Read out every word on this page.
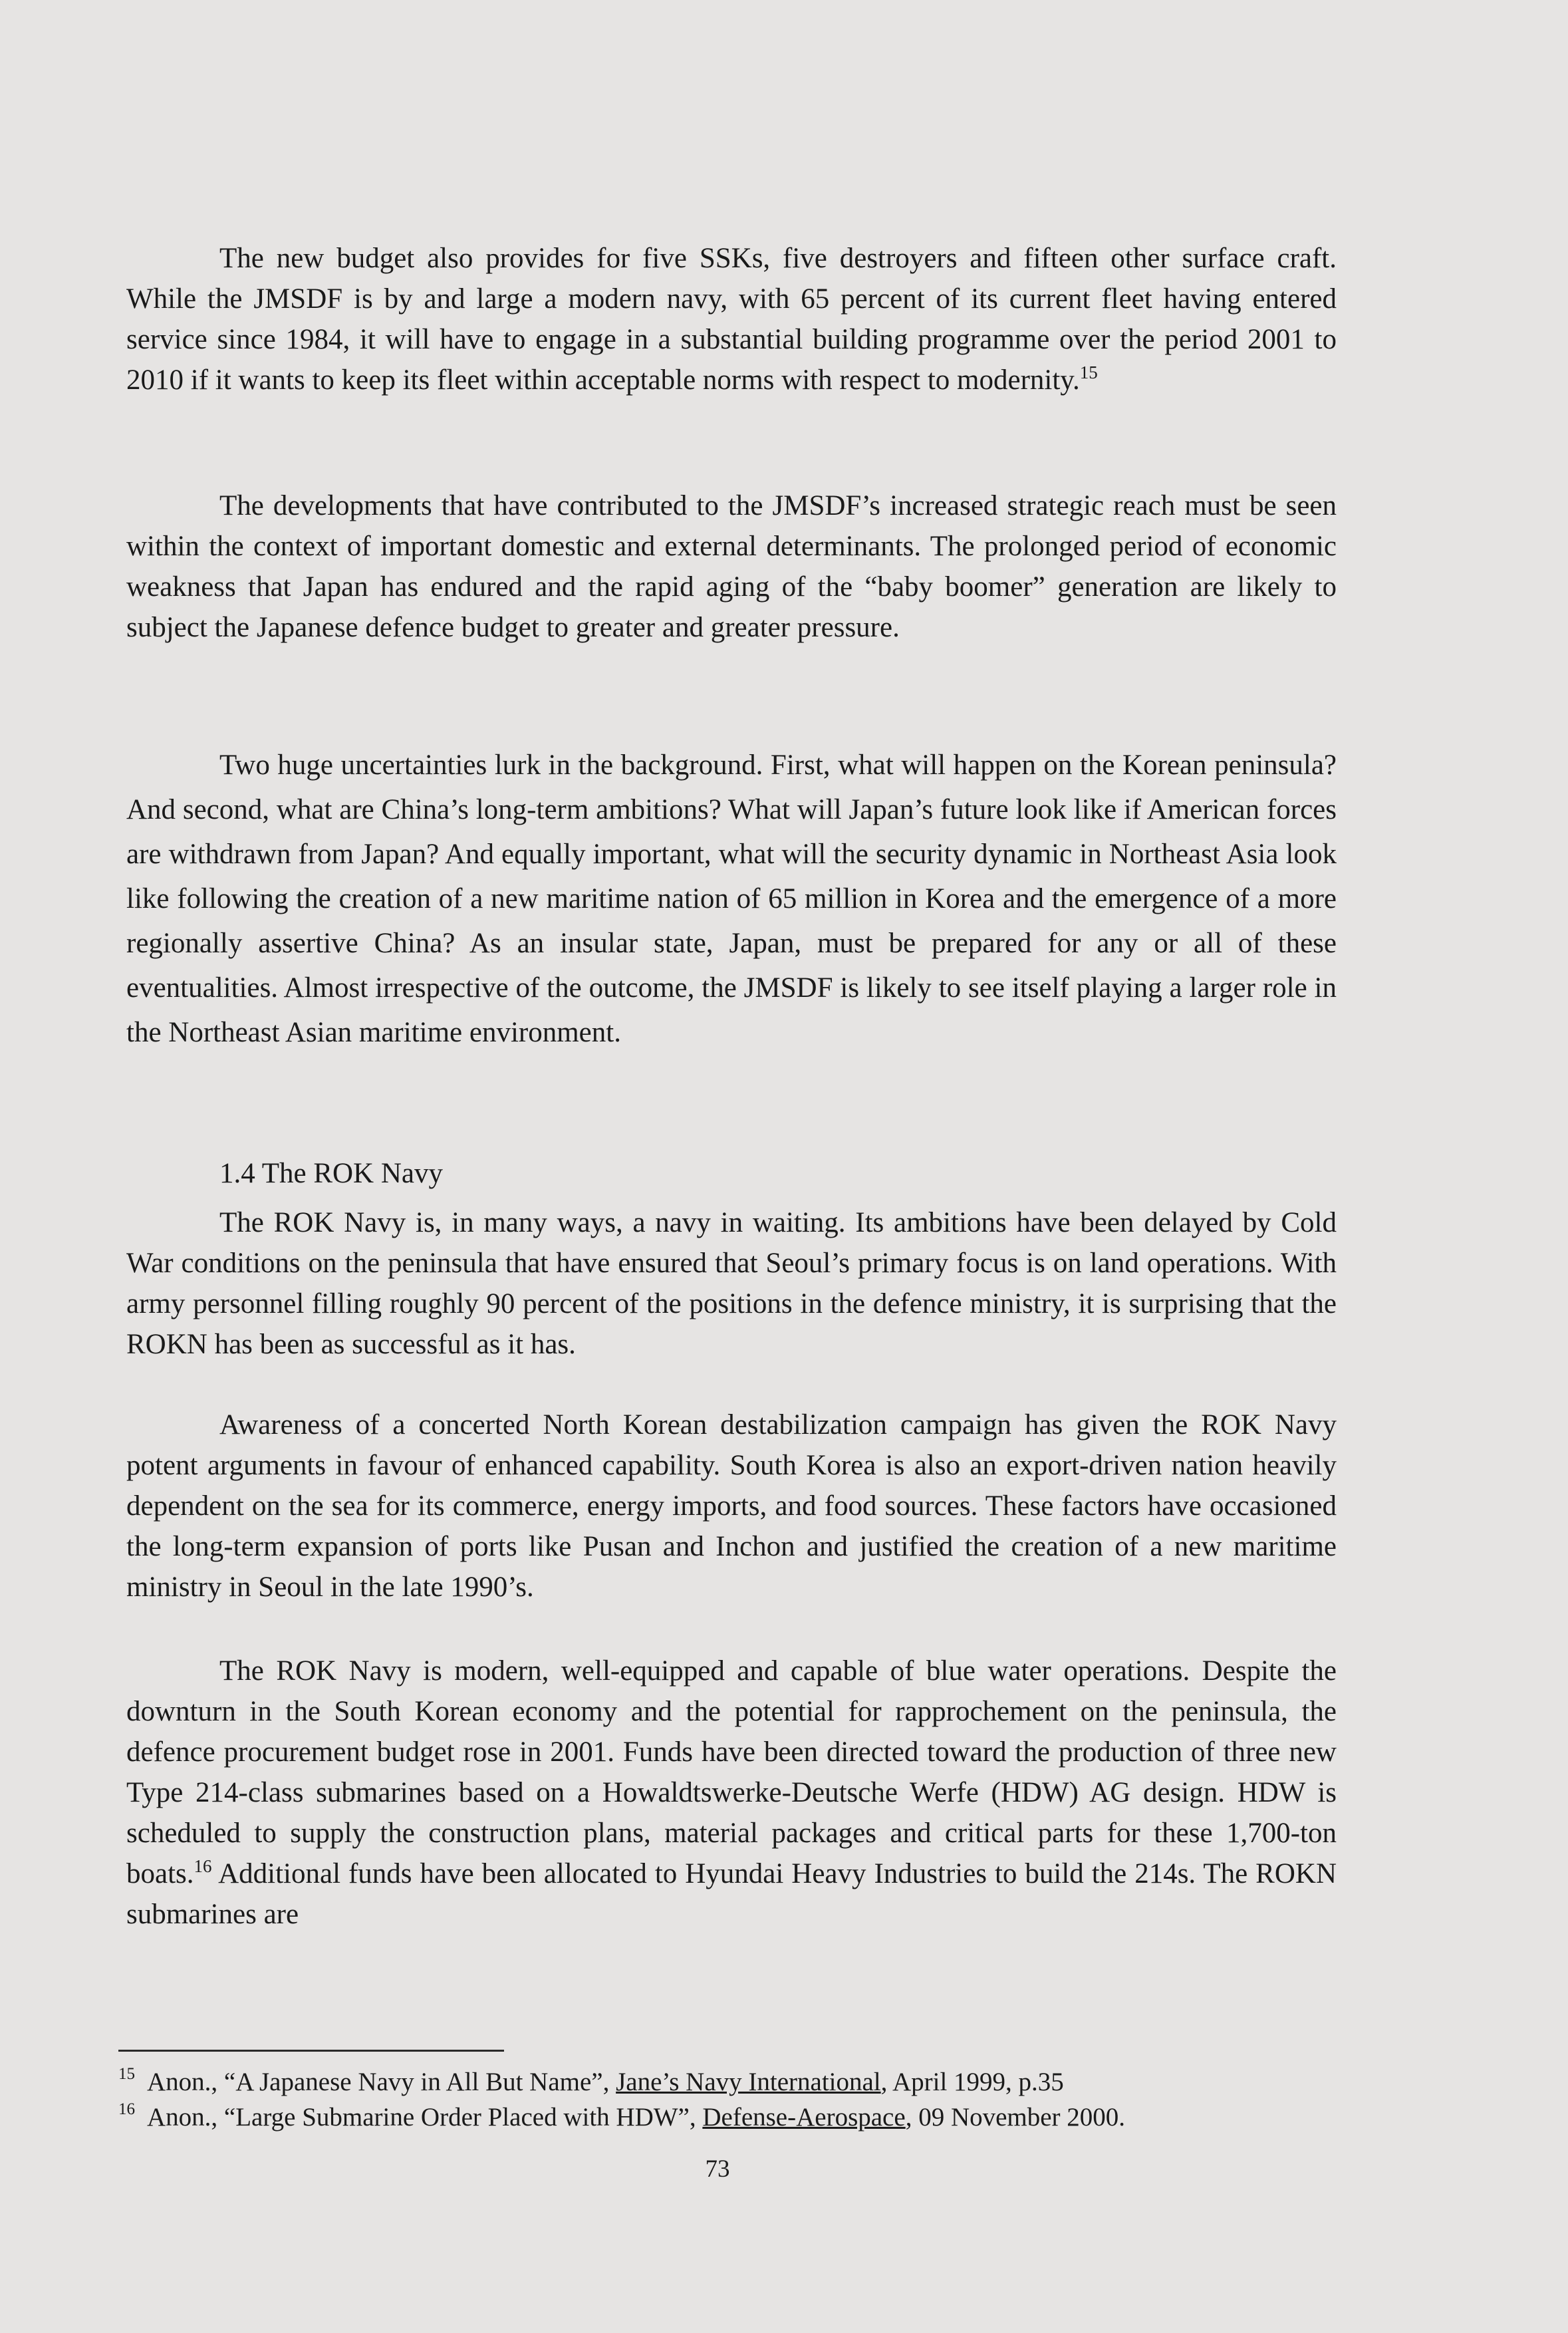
The new budget also provides for five SSKs, five destroyers and fifteen other surface craft. While the JMSDF is by and large a modern navy, with 65 percent of its current fleet having entered service since 1984, it will have to engage in a substantial building programme over the period 2001 to 2010 if it wants to keep its fleet within acceptable norms with respect to modernity.$^{15}$

The developments that have contributed to the JMSDF’s increased strategic reach must be seen within the context of important domestic and external determinants. The prolonged period of economic weakness that Japan has endured and the rapid aging of the “baby boomer” generation are likely to subject the Japanese defence budget to greater and greater pressure.

Two huge uncertainties lurk in the background. First, what will happen on the Korean peninsula? And second, what are China’s long-term ambitions? What will Japan’s future look like if American forces are withdrawn from Japan? And equally important, what will the security dynamic in Northeast Asia look like following the creation of a new maritime nation of 65 million in Korea and the emergence of a more regionally assertive China? As an insular state, Japan, must be prepared for any or all of these eventualities. Almost irrespective of the outcome, the JMSDF is likely to see itself playing a larger role in the Northeast Asian maritime environment.

1.4 The ROK Navy

The ROK Navy is, in many ways, a navy in waiting. Its ambitions have been delayed by Cold War conditions on the peninsula that have ensured that Seoul’s primary focus is on land operations. With army personnel filling roughly 90 percent of the positions in the defence ministry, it is surprising that the ROKN has been as successful as it has.

Awareness of a concerted North Korean destabilization campaign has given the ROK Navy potent arguments in favour of enhanced capability. South Korea is also an export-driven nation heavily dependent on the sea for its commerce, energy imports, and food sources. These factors have occasioned the long-term expansion of ports like Pusan and Inchon and justified the creation of a new maritime ministry in Seoul in the late 1990’s.

The ROK Navy is modern, well-equipped and capable of blue water operations. Despite the downturn in the South Korean economy and the potential for rapprochement on the peninsula, the defence procurement budget rose in 2001. Funds have been directed toward the production of three new Type 214-class submarines based on a Howaldtswerke-Deutsche Werfe (HDW) AG design. HDW is scheduled to supply the construction plans, material packages and critical parts for these 1,700-ton boats.$^{16}$ Additional funds have been allocated to Hyundai Heavy Industries to build the 214s. The ROKN submarines are

$^{15}$ Anon., “A Japanese Navy in All But Name”, Jane’s Navy International, April 1999, p.35
$^{16}$ Anon., “Large Submarine Order Placed with HDW”, Defense-Aerospace, 09 November 2000.
73
